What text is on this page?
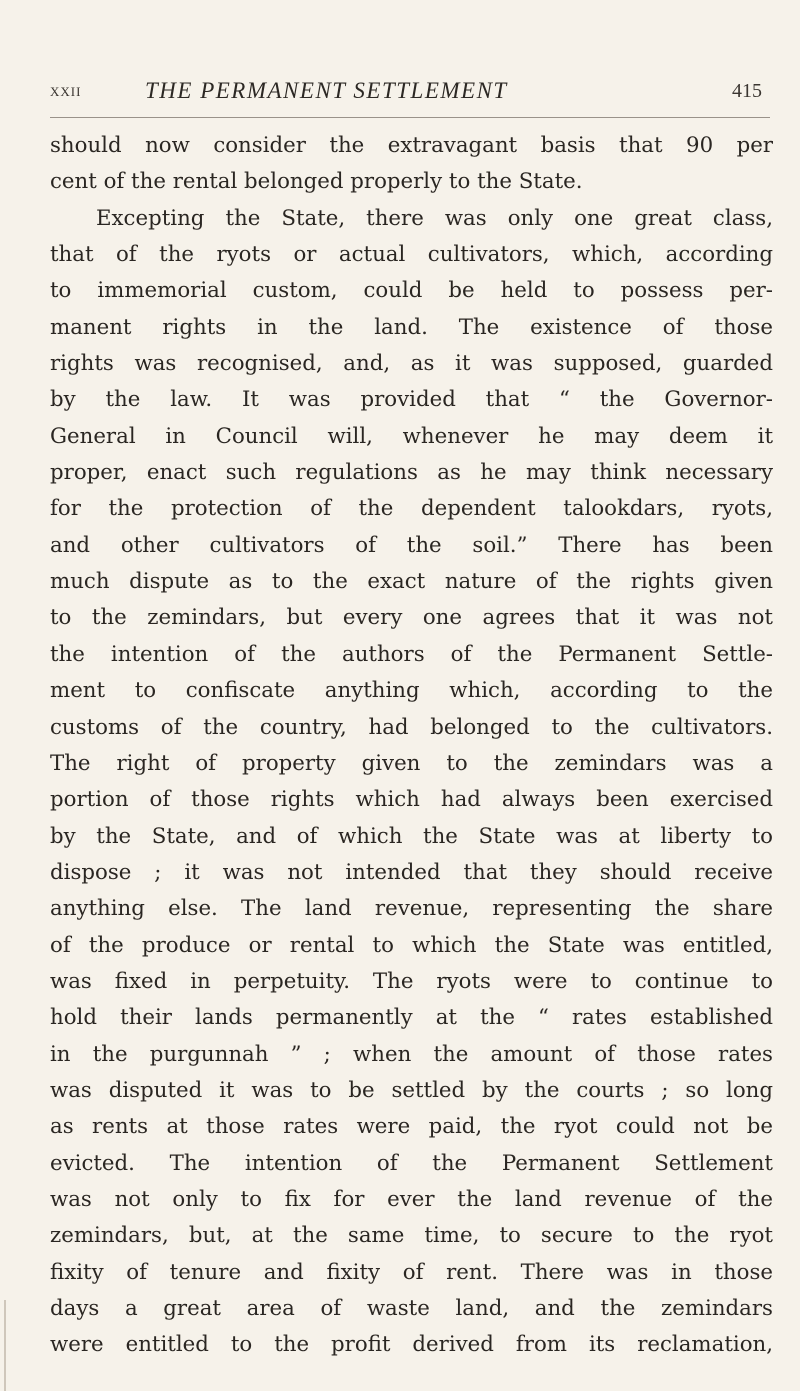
XXII	THE PERMANENT SETTLEMENT	415
should now consider the extravagant basis that 90 per
cent of the rental belonged properly to the State.
Excepting the State, there was only one great class,
that of the ryots or actual cultivators, which, according
to immemorial custom, could be held to possess per-
manent rights in the land. The existence of those
rights was recognised, and, as it was supposed, guarded
by the law. It was provided that “ the Governor-
General in Council will, whenever he may deem it
proper, enact such regulations as he may think necessary
for the protection of the dependent talookdars, ryots,
and other cultivators of the soil.” There has been
much dispute as to the exact nature of the rights given
to the zemindars, but every one agrees that it was not
the intention of the authors of the Permanent Settle-
ment to confiscate anything which, according to the
customs of the country, had belonged to the cultivators.
The right of property given to the zemindars was a
portion of those rights which had always been exercised
by the State, and of which the State was at liberty to
dispose ; it was not intended that they should receive
anything else. The land revenue, representing the share
of the produce or rental to which the State was entitled,
was fixed in perpetuity. The ryots were to continue to
hold their lands permanently at the “ rates established
in the purgunnah ” ; when the amount of those rates
was disputed it was to be settled by the courts ; so long
as rents at those rates were paid, the ryot could not be
evicted. The intention of the Permanent Settlement
was not only to fix for ever the land revenue of the
zemindars, but, at the same time, to secure to the ryot
fixity of tenure and fixity of rent. There was in those
days a great area of waste land, and the zemindars
were entitled to the profit derived from its reclamation,
